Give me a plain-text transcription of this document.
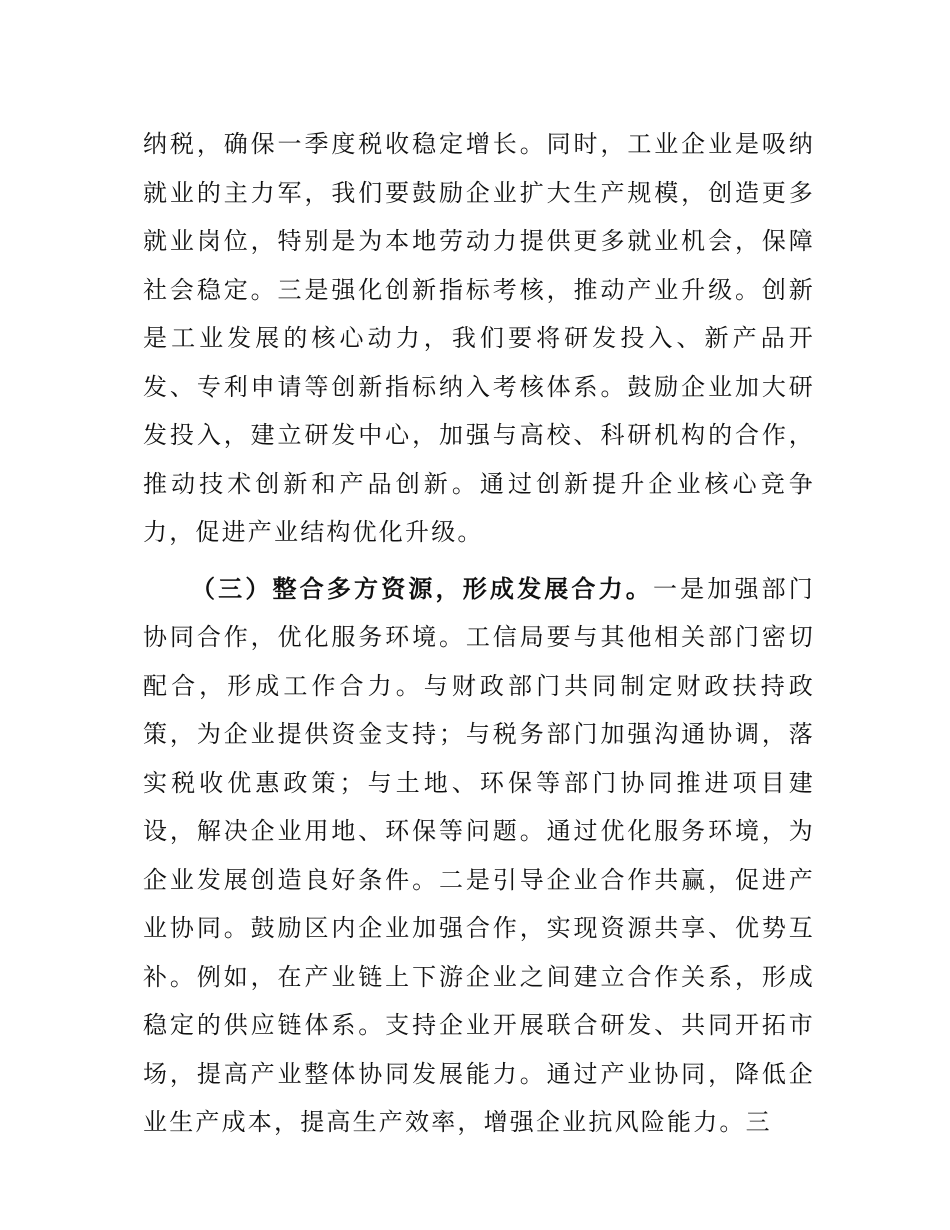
纳税，确保一季度税收稳定增长。同时，工业企业是吸纳就业的主力军，我们要鼓励企业扩大生产规模，创造更多就业岗位，特别是为本地劳动力提供更多就业机会，保障社会稳定。三是强化创新指标考核，推动产业升级。创新是工业发展的核心动力，我们要将研发投入、新产品开发、专利申请等创新指标纳入考核体系。鼓励企业加大研发投入，建立研发中心，加强与高校、科研机构的合作，推动技术创新和产品创新。通过创新提升企业核心竞争力，促进产业结构优化升级。

（三）整合多方资源，形成发展合力。一是加强部门协同合作，优化服务环境。工信局要与其他相关部门密切配合，形成工作合力。与财政部门共同制定财政扶持政策，为企业提供资金支持；与税务部门加强沟通协调，落实税收优惠政策；与土地、环保等部门协同推进项目建设，解决企业用地、环保等问题。通过优化服务环境，为企业发展创造良好条件。二是引导企业合作共赢，促进产业协同。鼓励区内企业加强合作，实现资源共享、优势互补。例如，在产业链上下游企业之间建立合作关系，形成稳定的供应链体系。支持企业开展联合研发、共同开拓市场，提高产业整体协同发展能力。通过产业协同，降低企业生产成本，提高生产效率，增强企业抗风险能力。三
